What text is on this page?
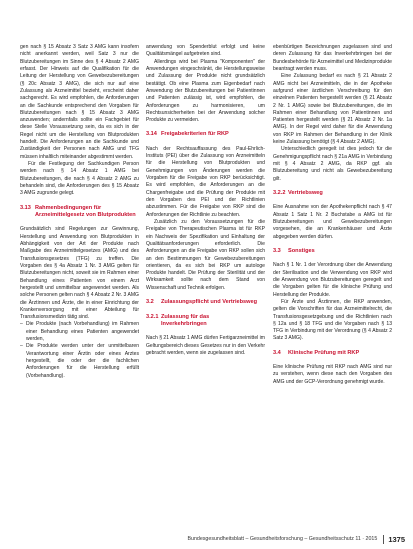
gen nach § 15 Absatz 3 Satz 3 AMG kann insofern nicht anerkannt werden, weil Satz 3 nur die Blutzubereitungen im Sinne des § 4 Absatz 2 AMG erfasst. Der Hinweis auf die Qualifikation für die Leitung der Herstellung von Gewebezubereitungen (§ 20c Absatz 3 AMG), die sich nur auf eine Zulassung als Arzneimittel bezieht, erscheint daher sachgerecht. Es wird empfohlen, die Anforderungen an die Sachkunde entsprechend den Vorgaben für Blutzubereitungen nach § 15 Absatz 3 AMG anzuwenden; andernfalls sollte ein Fachgebiet für diese Stelle Voraussetzung sein, da es sich in der Regel nicht um die Herstellung von Blutprodukten handelt. Die Anforderungen an die Sachkunde und Zuständigkeit der Personen nach AMG und TFG müssen inhaltlich miteinander abgestimmt werden.

Für die Festlegung der Sachkundigen Person werden nach § 14 Absatz 1 AMG bei Blutzubereitungen, die nach § 4 Absatz 2 AMG zu behandeln sind, die Anforderungen des § 15 Absatz 3 AMG zugrunde gelegt.

3.13 Rahmenbedingungen für
Arzneimittelgesetz von Blutprodukten

Grundsätzlich sind Regelungen zur Gewinnung, Herstellung und Anwendung von Blutprodukten in Abhängigkeit von der Art der Produkte nach Maßgabe des Arzneimittelgesetzes (AMG) und des Transfusionsgesetzes (TFG) zu treffen. Die Vorgaben des § 4a Absatz 1 Nr. 3 AMG gelten für Blutzubereitungen nicht, soweit sie im Rahmen einer Behandlung eines Patienten von einem Arzt hergestellt und unmittelbar angewendet werden. Als solche Personen gelten nach § 4 Absatz 2 Nr. 3 AMG die Ärztinnen und Ärzte, die in einer Einrichtung der Krankenversorgung mit einer Abteilung für Transfusionsmedizin tätig sind.

– Die Produkte (nach Vorbehandlung) im Rahmen einer Behandlung eines Patienten angewendet werden,
– Die Produkte werden unter der unmittelbaren Verantwortung einer Ärztin oder eines Arztes hergestellt, die oder der die fachlichen Anforderungen für die Herstellung erfüllt (Vorbehandlung).

anwendung von Spenderblut erfolgt und keine Qualitätsmängel aufgetreten sind.

Allerdings wird bei Plasma "Komponenten" der Anwendungen eingeschränkt, die Herstellungsweise und Zulassung der Produkte nicht grundsätzlich bestätigt. Ob eine Plasma zum Eigenbedarf nach Anwendung der Blutzubereitungen bei Patientinnen und Patienten zulässig ist, wird empfohlen, die Anforderungen zu harmonisieren, um Rechtsunsicherheiten bei der Anwendung solcher Produkte zu vermeiden.

3.14 Freigabekriterien für RKP

Nach der Rechtsauffassung des Paul-Ehrlich-Instituts (PEI) über die Zulassung von Arzneimitteln für die Herstellung von Blutprodukten und Genehmigungen von Änderungen werden die Vorgaben für die Freigabe von RKP berücksichtigt. Es wird empfohlen, die Anforderungen an die Chargenfreigabe und die Prüfung der Produkte mit den Vorgaben des PEI und der Richtlinien abzustimmen. Für die Freigabe von RKP sind die Anforderungen der Richtlinie zu beachten.

Zusätzlich zu den Voraussetzungen für die Freigabe von Therapeutischen Plasma ist für RKP ein Nachweis der Spezifikation und Einhaltung der Qualitätsanforderungen erforderlich. Die Anforderungen an die Freigabe von RKP sollen sich an den Bestimmungen für Gewebezubereitungen orientieren, da es sich bei RKP um autologe Produkte handelt. Die Prüfung der Sterilität und der Wirksamkeit sollte nach dem Stand von Wissenschaft und Technik erfolgen.

3.2 Zulassungspflicht und Vertriebsweg
3.2.1 Zulassung für das
Inverkehrbringen

Nach § 21 Absatz 1 AMG dürfen Fertigarzneimittel im Geltungsbereich dieses Gesetzes nur in den Verkehr gebracht werden, wenn sie zugelassen sind.

ebenbürtigen Bezeichnungen zugelassen sind und deren Zulassung für das Inverkehrbringen bei der Bundesbehörde für Arzneimittel und Medizinprodukte beantragt werden muss.

Eine Zulassung bedarf es nach § 21 Absatz 2 AMG nicht bei Arzneimitteln, die in der Apotheke aufgrund einer ärztlichen Verschreibung für den einzelnen Patienten hergestellt werden (§ 21 Absatz 2 Nr. 1 AMG) sowie bei Blutzubereitungen, die im Rahmen einer Behandlung von Patientinnen und Patienten hergestellt werden (§ 21 Absatz 2 Nr. 1a AMG). In der Regel wird daher für die Anwendung von RKP im Rahmen der Behandlung in der Klinik keine Zulassung benötigt (§ 4 Absatz 2 AMG).

Unterschiedlich geregelt ist dies jedoch für die Genehmigungspflicht nach § 21a AMG in Verbindung mit § 4 Absatz 2 AMG, da RKP ggf. als Blutzubereitung und nicht als Gewebezubereitung gilt.

3.2.2 Vertriebsweg

Eine Ausnahme von der Apothekenpflicht nach § 47 Absatz 1 Satz 1 Nr. 2 Buchstabe a AMG ist für Blutzubereitungen und Gewebezubereitungen vorgesehen, die an Krankenhäuser und Ärzte abgegeben werden dürfen.

3.3 Sonstiges

Nach § 1 Nr. 1 der Verordnung über die Anwendung der Sterilisation und die Verwendung von RKP wird die Anwendung von Blutzubereitungen geregelt und die Vorgaben gelten für die klinische Prüfung und Herstellung der Produkte.

Für Ärzte und Ärztinnen, die RKP anwenden, gelten die Vorschriften für das Arzneimittelrecht, die Transfusionsgesetzgebung und die Richtlinien nach § 12a und § 18 TFG und die Vorgaben nach § 13 TFG in Verbindung mit der Verordnung (§ 4 Absatz 2 Satz 3 AMG).

3.4 Klinische Prüfung mit RKP

Eine klinische Prüfung mit RKP nach AMG sind nur zu verstehen, wenn diese nach den Vorgaben des AMG und der GCP-Verordnung genehmigt wurde.

Bundesgesundheitsblatt – Gesundheitsforschung – Gesundheitsschutz 11 · 2015 1375
